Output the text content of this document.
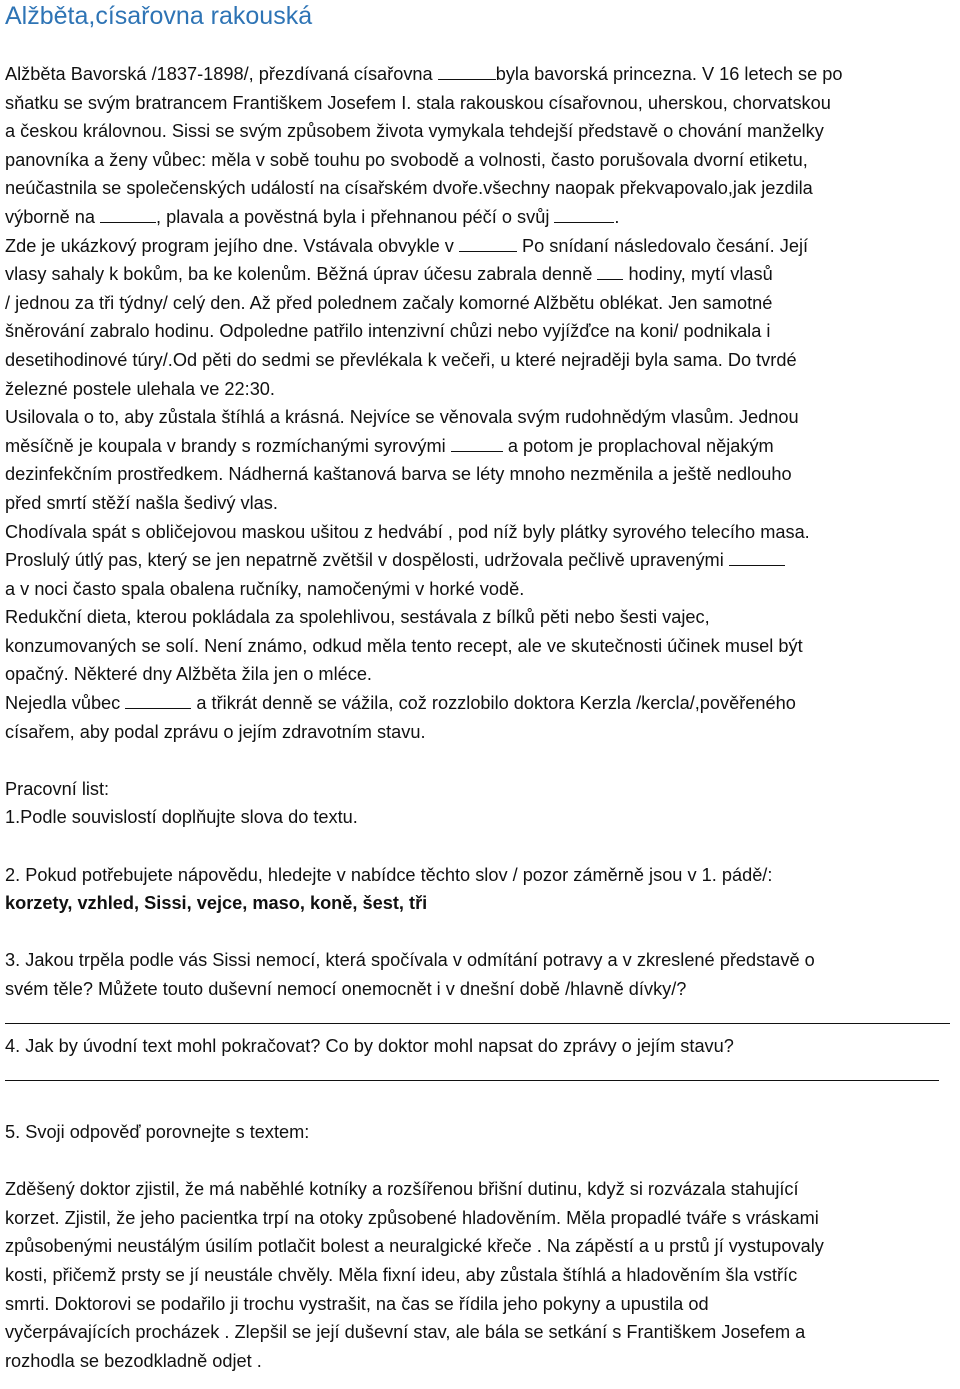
Alžběta,císařovna rakouská
Alžběta Bavorská /1837-1898/, přezdívaná císařovna	byla bavorská princezna. V 16 letech se po
sňatku se svým bratrancem Františkem Josefem I. stala rakouskou císařovnou, uherskou, chorvatskou
a českou královnou. Sissi se svým způsobem života vymykala tehdejší představě o chování manželky
panovníka a ženy vůbec: měla v sobě touhu po svobodě a volnosti, často porušovala dvorní etiketu,
neúčastnila se společenských událostí na císařském dvoře.všechny naopak překvapovalo,jak jezdila
výborně na	, plavala a pověstná byla i přehnanou péčí o svůj	.
Zde je ukázkový program jejího dne. Vstávala obvykle v	Po snídaní následovalo česání. Její
vlasy sahaly k bokům, ba ke kolenům. Běžná úprav účesu zabrala denně  hodiny, mytí vlasů
/ jednou za tři týdny/ celý den. Až před polednem začaly komorné Alžbětu oblékat. Jen samotné
šněrování zabralo hodinu. Odpoledne patřilo intenzivní chůzi nebo vyjížďce na koni/ podnikala i
desetihodinové túry/.Od pěti do sedmi se převlékala k večeři, u které nejraději byla sama. Do tvrdé
železné postele ulehala ve 22:30.
Usilovala o to, aby zůstala štíhlá a krásná. Nejvíce se věnovala svým rudohnědým vlasům. Jednou
měsíčně je koupala v brandy s rozmíchanými syrovými	a potom je proplachoval nějakým
dezinfekčním prostředkem. Nádherná kaštanová barva se léty mnoho nezměnila a ještě nedlouho
před smrtí stěží našla šedivý vlas.
Chodívala spát s obličejovou maskou ušitou z hedvábí , pod níž byly plátky syrového telecího masa.
Proslulý útlý pas, který se jen nepatrně zvětšil v dospělosti, udržovala pečlivě upravenými
a v noci často spala obalena ručníky, namočenými v horké vodě.
Redukční dieta, kterou pokládala za spolehlivou, sestávala z bílků pěti nebo šesti vajec,
konzumovaných se solí. Není známo, odkud měla tento recept, ale ve skutečnosti účinek musel být
opačný. Některé dny Alžběta žila jen o mléce.
Nejedla vůbec	a třikrát denně se vážila, což rozzlobilo doktora Kerzla /kercla/,pověřeného
císařem, aby podal zprávu o jejím zdravotním stavu.
Pracovní list:
1.Podle souvislostí doplňujte slova do textu.
2. Pokud potřebujete nápovědu, hledejte v nabídce těchto slov / pozor záměrně jsou v 1. pádě/:
korzety, vzhled, Sissi, vejce, maso, koně, šest, tři
3. Jakou trpěla podle vás Sissi nemocí, která spočívala v odmítání potravy a v zkreslené představě o
svém těle? Můžete touto duševní nemocí onemocnět i v dnešní době /hlavně dívky/?
4. Jak by úvodní text mohl pokračovat? Co by doktor mohl napsat do zprávy o jejím stavu?
5. Svoji odpověď porovnejte s textem:
Zděšený doktor zjistil, že má naběhlé kotníky a rozšířenou břišní dutinu, když si rozvázala stahující
korzet. Zjistil, že jeho pacientka trpí na otoky způsobené hladověním. Měla propadlé tváře s vráskami
způsobenými neustálým úsilím potlačit bolest a neuralgické křeče . Na zápěstí a u prstů jí vystupovaly
kosti, přičemž prsty se jí neustále chvěly. Měla fixní ideu, aby zůstala štíhlá a hladověním šla vstříc
smrti. Doktorovi se podařilo ji trochu vystrašit, na čas se řídila jeho pokyny a upustila od
vyčerpávajících procházek . Zlepšil se její duševní stav, ale bála se setkání s Františkem Josefem a
rozhodla se bezodkladně odjet .
